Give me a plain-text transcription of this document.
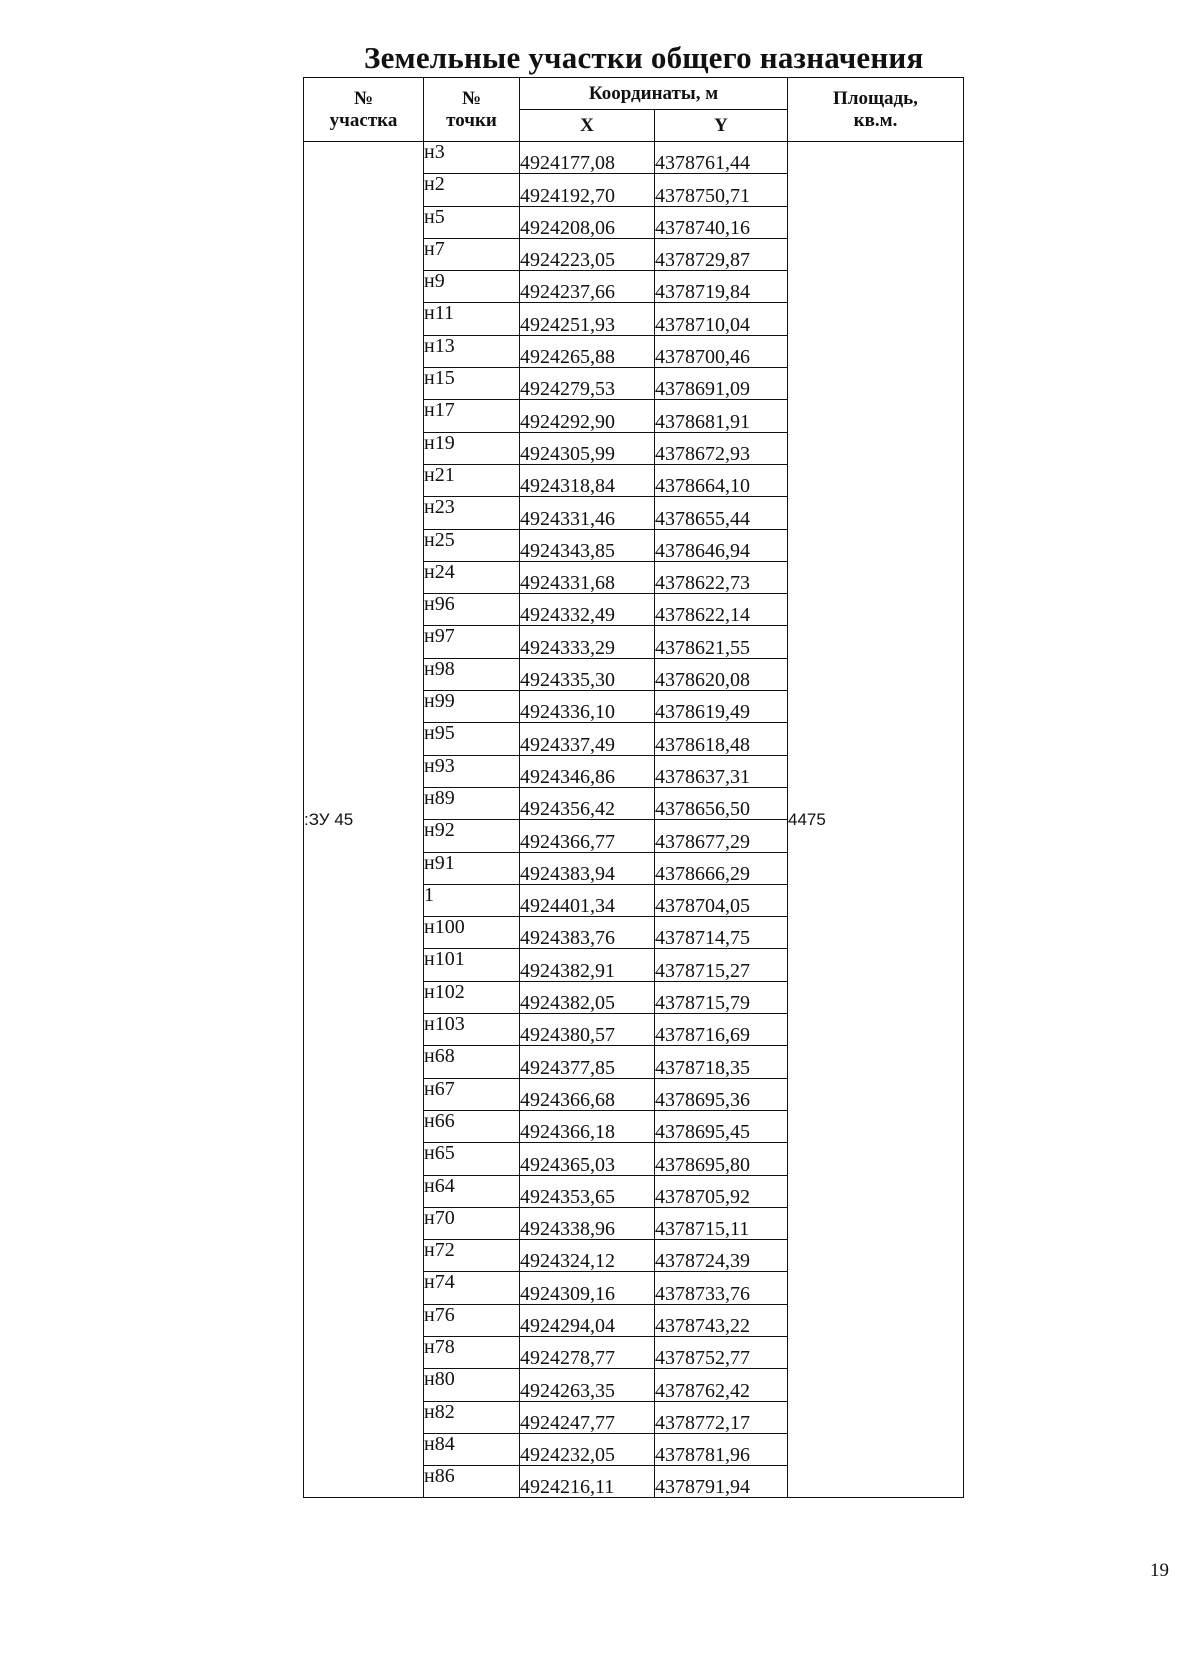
Земельные участки общего назначения
№
участка	№
точки	Координаты, м		Площадь,
кв.м.

		X	Y	
:ЗУ 45	н3	4924177,08	4378761,44	4475
	н2	4924192,70	4378750,71	
	н5	4924208,06	4378740,16	
	н7	4924223,05	4378729,87	
	н9	4924237,66	4378719,84	
	н11	4924251,93	4378710,04	
	н13	4924265,88	4378700,46	
	н15	4924279,53	4378691,09	
	н17	4924292,90	4378681,91	
	н19	4924305,99	4378672,93	
	н21	4924318,84	4378664,10	
	н23	4924331,46	4378655,44	
	н25	4924343,85	4378646,94	
	н24	4924331,68	4378622,73	
	н96	4924332,49	4378622,14	
	н97	4924333,29	4378621,55	
	н98	4924335,30	4378620,08	
	н99	4924336,10	4378619,49	
	н95	4924337,49	4378618,48	
	н93	4924346,86	4378637,31	
	н89	4924356,42	4378656,50	
	н92	4924366,77	4378677,29	
	н91	4924383,94	4378666,29	
	1	4924401,34	4378704,05	
	н100	4924383,76	4378714,75	
	н101	4924382,91	4378715,27	
	н102	4924382,05	4378715,79	
	н103	4924380,57	4378716,69	
	н68	4924377,85	4378718,35	
	н67	4924366,68	4378695,36	
	н66	4924366,18	4378695,45	
	н65	4924365,03	4378695,80	
	н64	4924353,65	4378705,92	
	н70	4924338,96	4378715,11	
	н72	4924324,12	4378724,39	
	н74	4924309,16	4378733,76	
	н76	4924294,04	4378743,22	
	н78	4924278,77	4378752,77	
	н80	4924263,35	4378762,42	
	н82	4924247,77	4378772,17	
	н84	4924232,05	4378781,96	
	н86	4924216,11	4378791,94	
19
